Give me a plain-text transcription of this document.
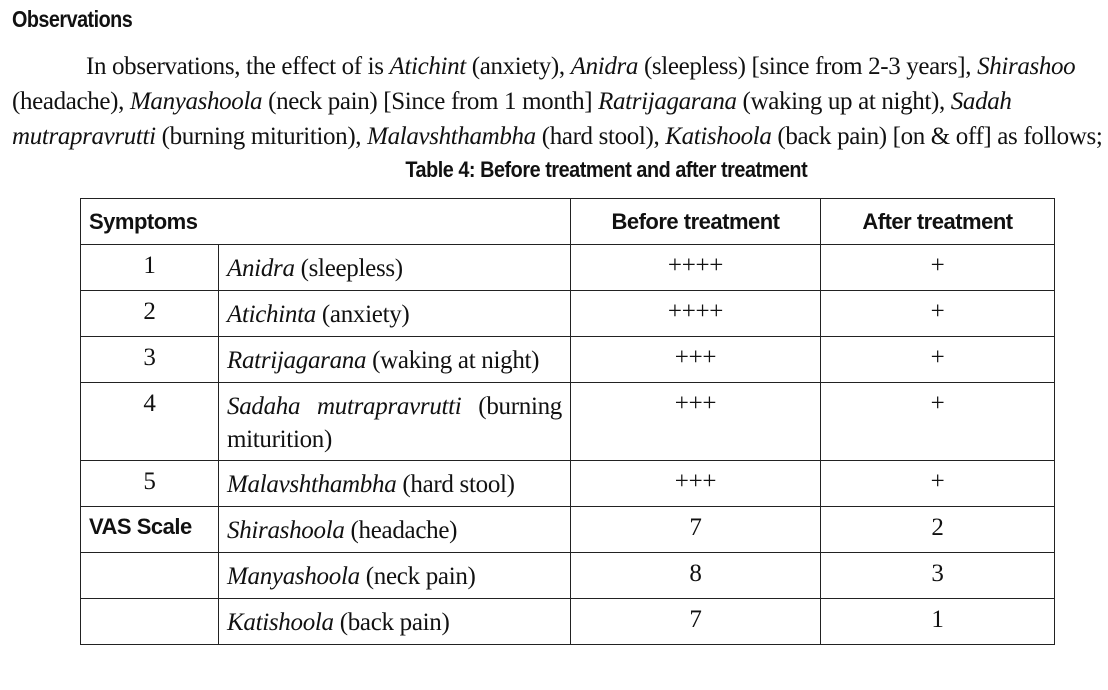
Observations
In observations, the effect of is Atichint (anxiety), Anidra (sleepless) [since from 2-3 years], Shirashoo
(headache), Manyashoola (neck pain) [Since from 1 month] Ratrijagarana (waking up at night), Sadah
mutrapravrutti (burning miturition), Malavshthambha (hard stool), Katishoola (back pain) [on & off] as follows;
Table 4: Before treatment and after treatment
Symptoms		Before treatment	After treatment
1	Anidra (sleepless)	++++	+
2	Atichinta (anxiety)	++++	+
3	Ratrijagarana (waking at night)	+++	+
4	Sadaha mutrapravrutti (burning miturition)	+++	+
5	Malavshthambha (hard stool)	+++	+
VAS Scale	Shirashoola (headache)	7	2
	Manyashoola (neck pain)	8	3
	Katishoola (back pain)	7	1
